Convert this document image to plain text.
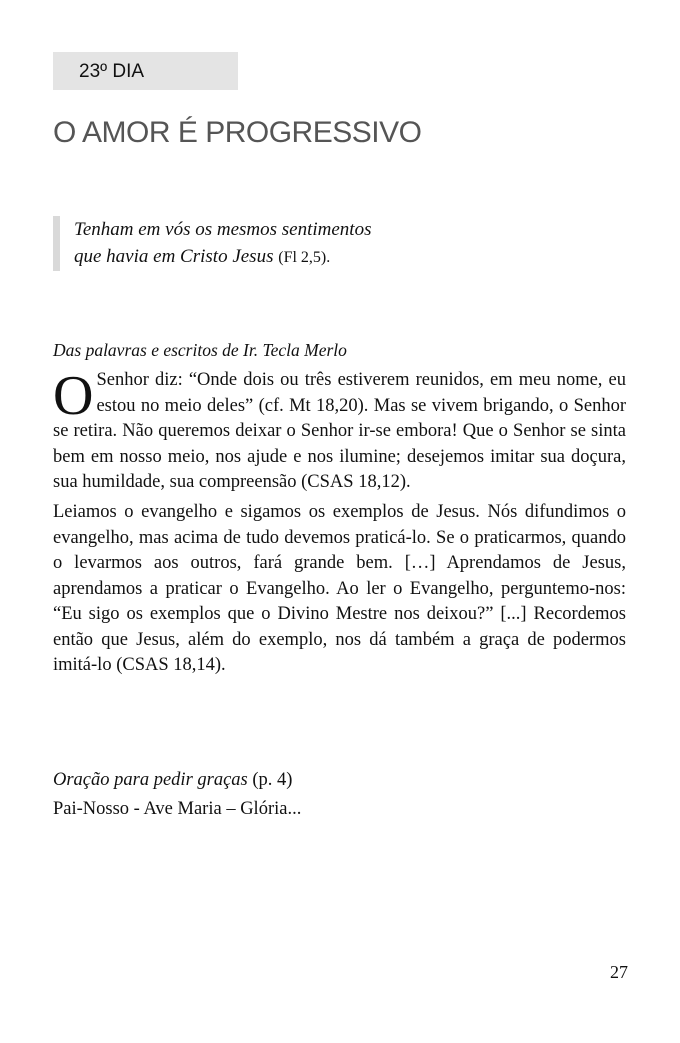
23º DIA
O AMOR É PROGRESSIVO
Tenham em vós os mesmos sentimentos
que havia em Cristo Jesus (Fl 2,5).
Das palavras e escritos de Ir. Tecla Merlo

O Senhor diz: “Onde dois ou três estiverem reunidos, em meu nome, eu estou no meio deles” (cf. Mt 18,20). Mas se vivem brigando, o Senhor se retira. Não queremos deixar o Senhor ir-se embora! Que o Senhor se sinta bem em nosso meio, nos ajude e nos ilumine; desejemos imitar sua doçura, sua humildade, sua compreensão (CSAS 18,12).

Leiamos o evangelho e sigamos os exemplos de Jesus. Nós difundimos o evangelho, mas acima de tudo devemos praticá-lo. Se o praticarmos, quando o levarmos aos outros, fará grande bem. […] Aprendamos de Jesus, aprendamos a praticar o Evangelho. Ao ler o Evangelho, perguntemo-nos: “Eu sigo os exemplos que o Divino Mestre nos deixou?” [...] Recordemos então que Jesus, além do exemplo, nos dá também a graça de podermos imitá-lo (CSAS 18,14).

Oração para pedir graças (p. 4)
Pai-Nosso - Ave Maria – Glória...
27
